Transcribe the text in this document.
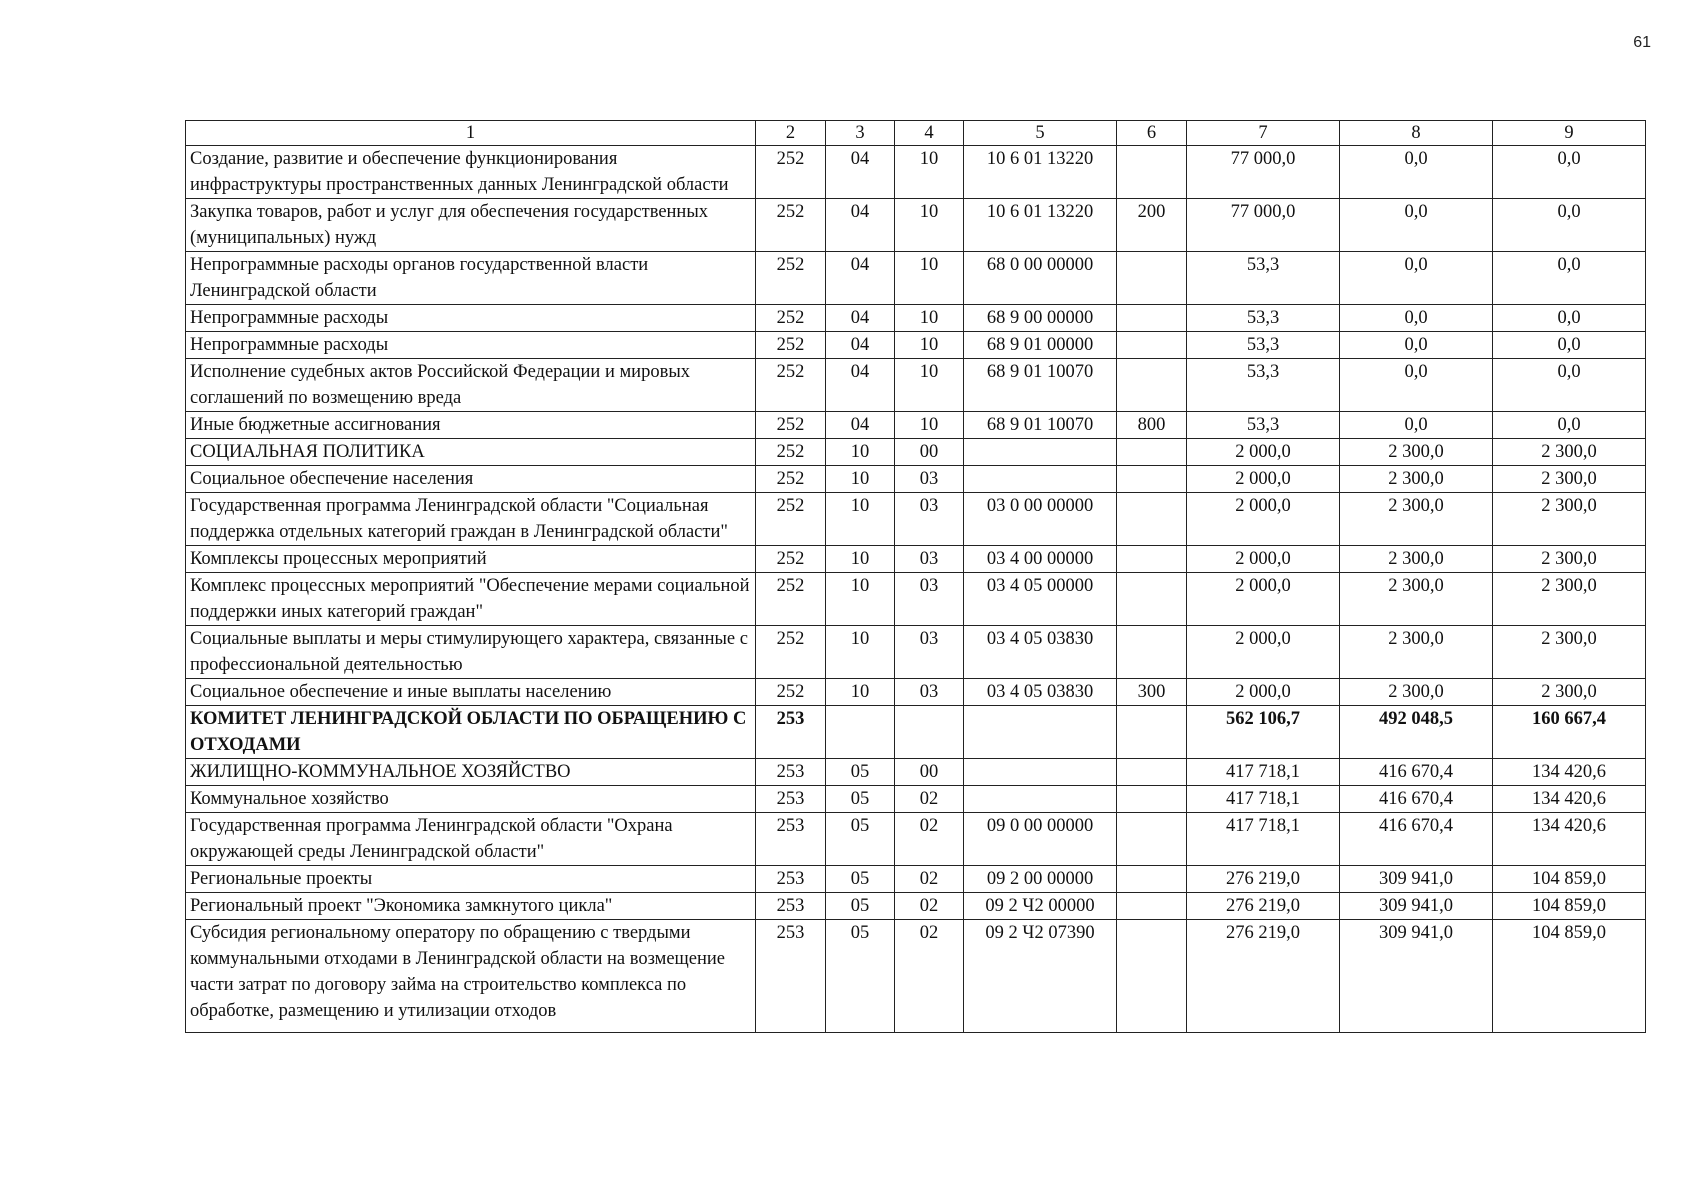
61
1	2	3	4	5	6	7	8	9
Создание, развитие и обеспечение функционирования инфраструктуры пространственных данных Ленинградской области	252	04	10	10 6 01 13220		77 000,0	0,0	0,0
Закупка товаров, работ и услуг для обеспечения государственных (муниципальных) нужд	252	04	10	10 6 01 13220	200	77 000,0	0,0	0,0
Непрограммные расходы органов государственной власти Ленинградской области	252	04	10	68 0 00 00000		53,3	0,0	0,0
Непрограммные расходы	252	04	10	68 9 00 00000		53,3	0,0	0,0
Непрограммные расходы	252	04	10	68 9 01 00000		53,3	0,0	0,0
Исполнение судебных актов Российской Федерации и мировых соглашений по возмещению вреда	252	04	10	68 9 01 10070		53,3	0,0	0,0
Иные бюджетные ассигнования	252	04	10	68 9 01 10070	800	53,3	0,0	0,0
СОЦИАЛЬНАЯ ПОЛИТИКА	252	10	00			2 000,0	2 300,0	2 300,0
Социальное обеспечение населения	252	10	03			2 000,0	2 300,0	2 300,0
Государственная программа Ленинградской области "Социальная поддержка отдельных категорий граждан в Ленинградской области"	252	10	03	03 0 00 00000		2 000,0	2 300,0	2 300,0
Комплексы процессных мероприятий	252	10	03	03 4 00 00000		2 000,0	2 300,0	2 300,0
Комплекс процессных мероприятий "Обеспечение мерами социальной поддержки иных категорий граждан"	252	10	03	03 4 05 00000		2 000,0	2 300,0	2 300,0
Социальные выплаты и меры стимулирующего характера, связанные с профессиональной деятельностью	252	10	03	03 4 05 03830		2 000,0	2 300,0	2 300,0
Социальное обеспечение и иные выплаты населению	252	10	03	03 4 05 03830	300	2 000,0	2 300,0	2 300,0
КОМИТЕТ ЛЕНИНГРАДСКОЙ ОБЛАСТИ ПО ОБРАЩЕНИЮ С ОТХОДАМИ	253					562 106,7	492 048,5	160 667,4
ЖИЛИЩНО-КОММУНАЛЬНОЕ ХОЗЯЙСТВО	253	05	00			417 718,1	416 670,4	134 420,6
Коммунальное хозяйство	253	05	02			417 718,1	416 670,4	134 420,6
Государственная программа Ленинградской области "Охрана окружающей среды Ленинградской области"	253	05	02	09 0 00 00000		417 718,1	416 670,4	134 420,6
Региональные проекты	253	05	02	09 2 00 00000		276 219,0	309 941,0	104 859,0
Региональный проект "Экономика замкнутого цикла"	253	05	02	09 2 Ч2 00000		276 219,0	309 941,0	104 859,0
Субсидия региональному оператору по обращению с твердыми коммунальными отходами в Ленинградской области на возмещение части затрат по договору займа на строительство комплекса по обработке, размещению и утилизации отходов	253	05	02	09 2 Ч2 07390		276 219,0	309 941,0	104 859,0
